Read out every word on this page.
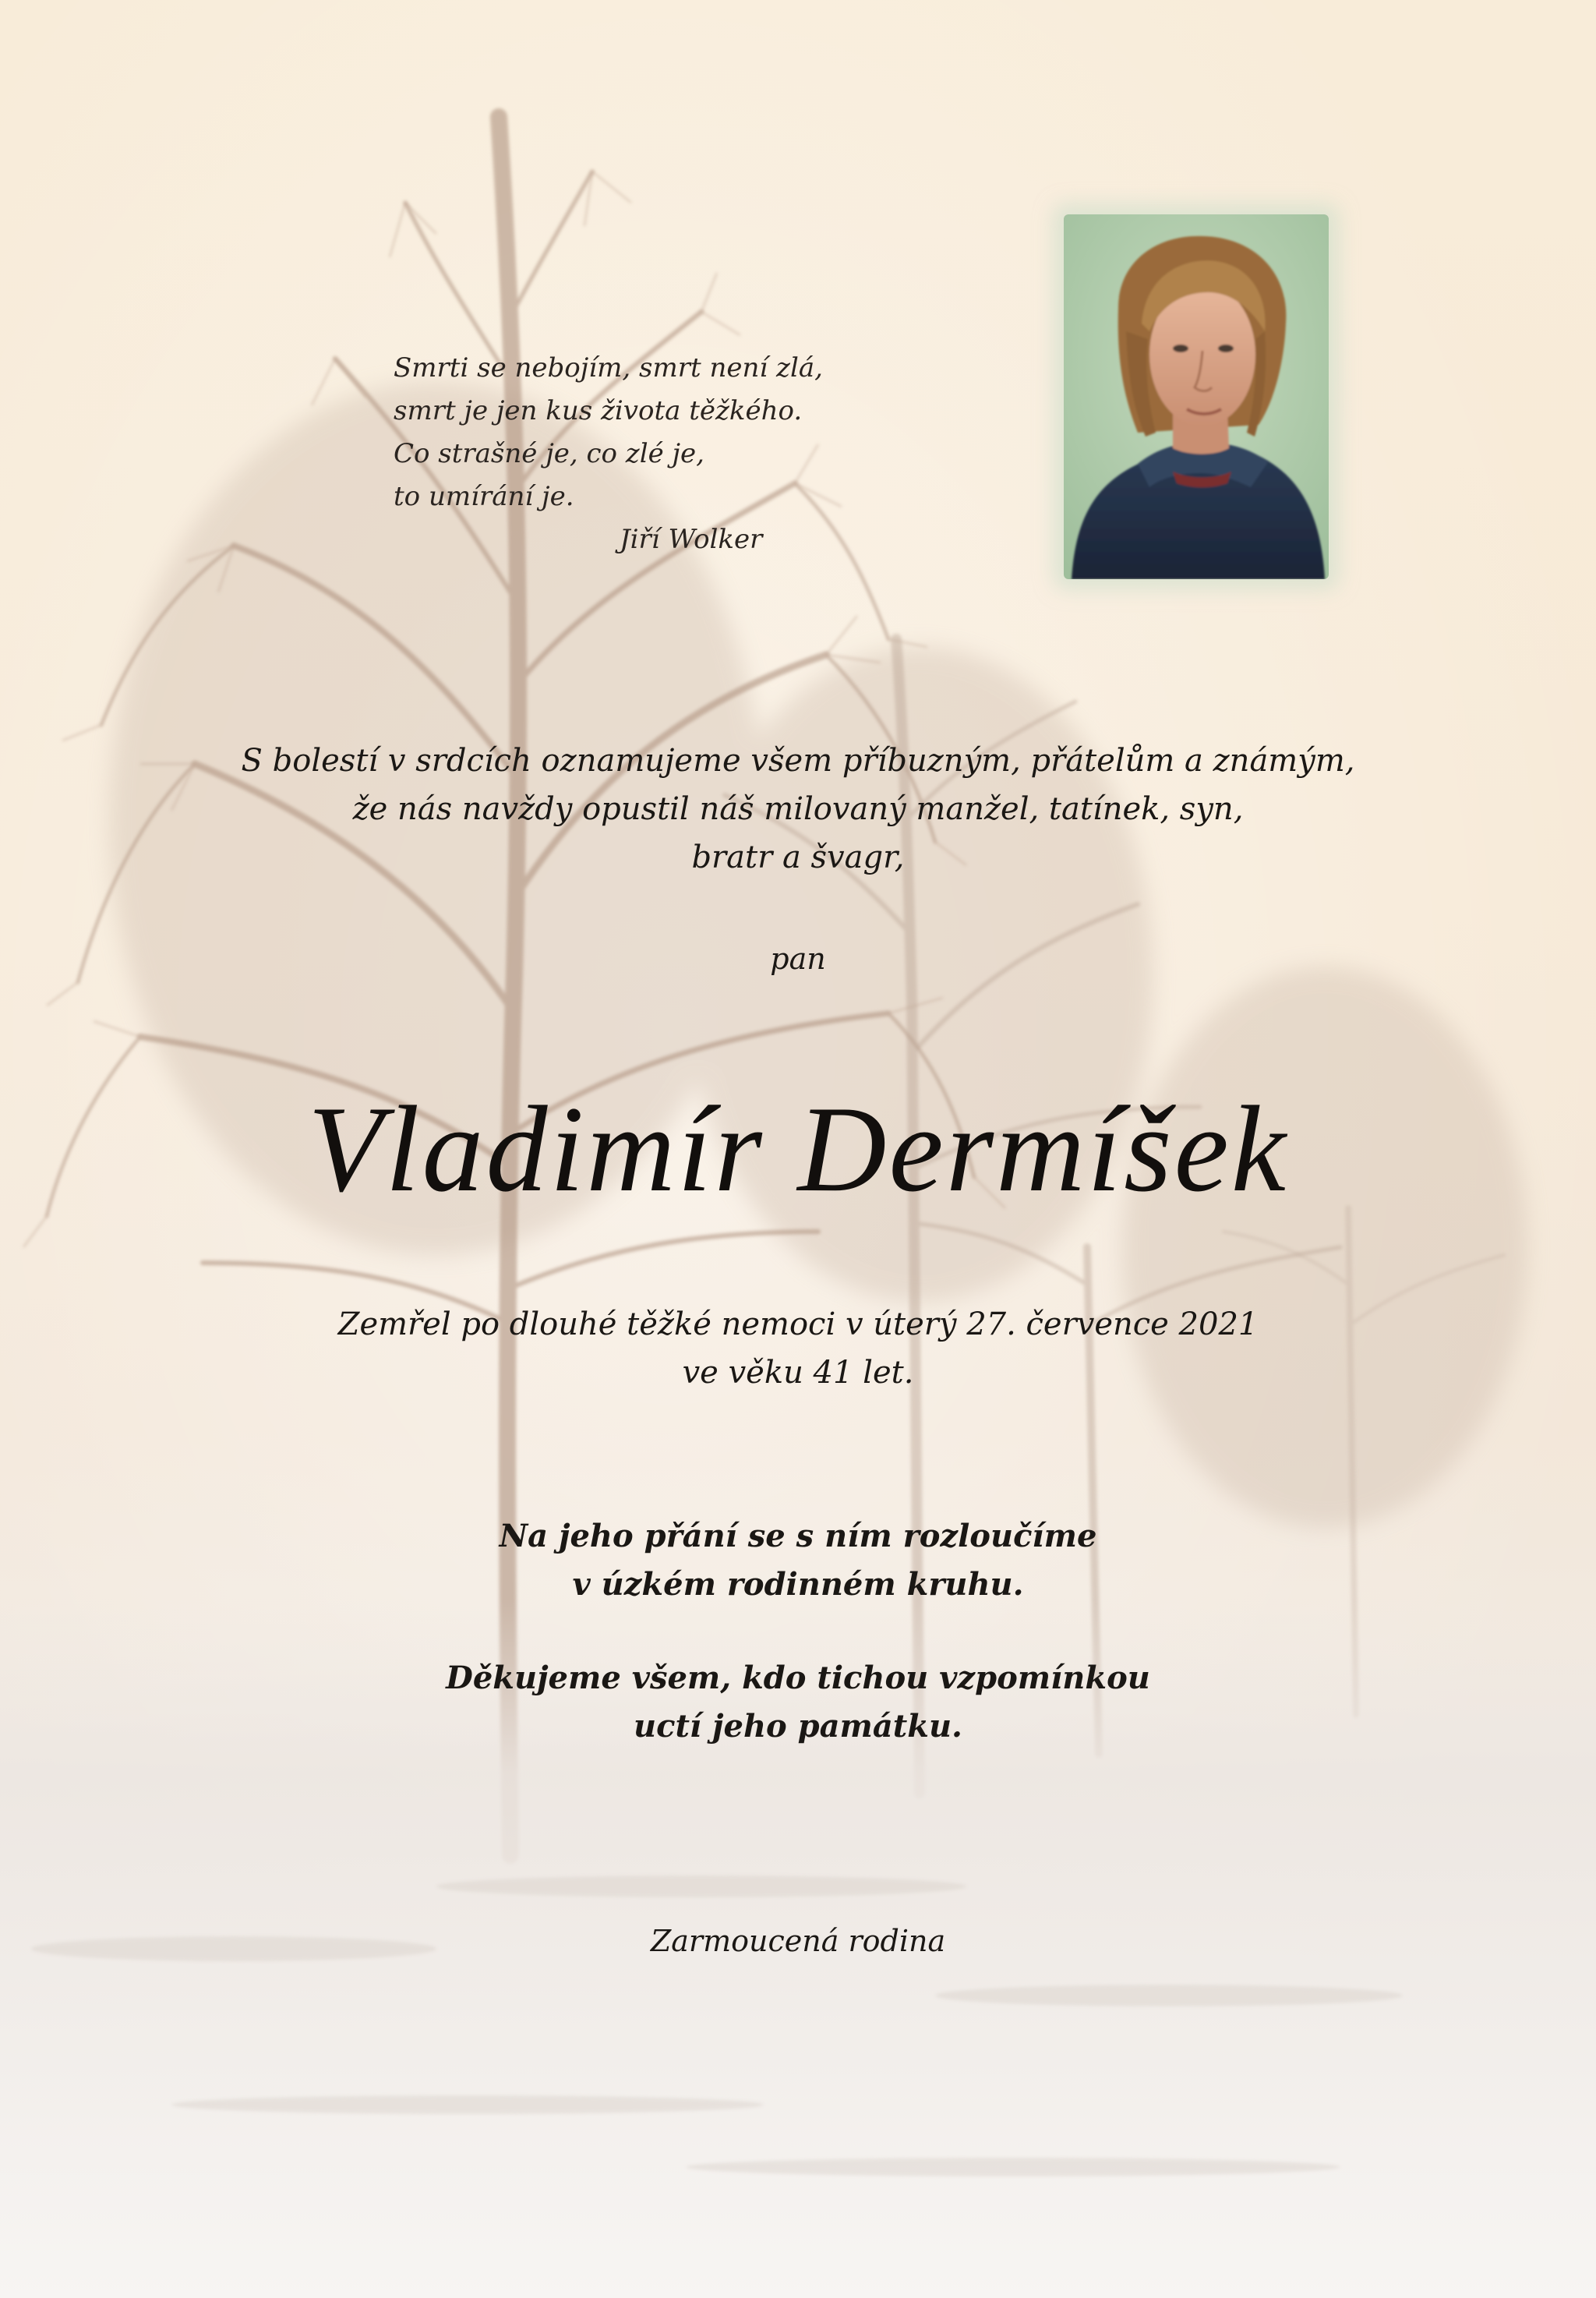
Smrti se nebojím, smrt není zlá,
smrt je jen kus života těžkého.
Co strašné je, co zlé je,
to umírání je.
Jiří Wolker
S bolestí v srdcích oznamujeme všem příbuzným, přátelům a známým,
že nás navždy opustil náš milovaný manžel, tatínek, syn,
bratr a švagr,
pan
Vladimír Dermíšek
Zemřel po dlouhé těžké nemoci v úterý 27. července 2021
ve věku 41 let.
Na jeho přání se s ním rozloučíme
v úzkém rodinném kruhu.
Děkujeme všem, kdo tichou vzpomínkou
uctí jeho památku.
Zarmoucená rodina
